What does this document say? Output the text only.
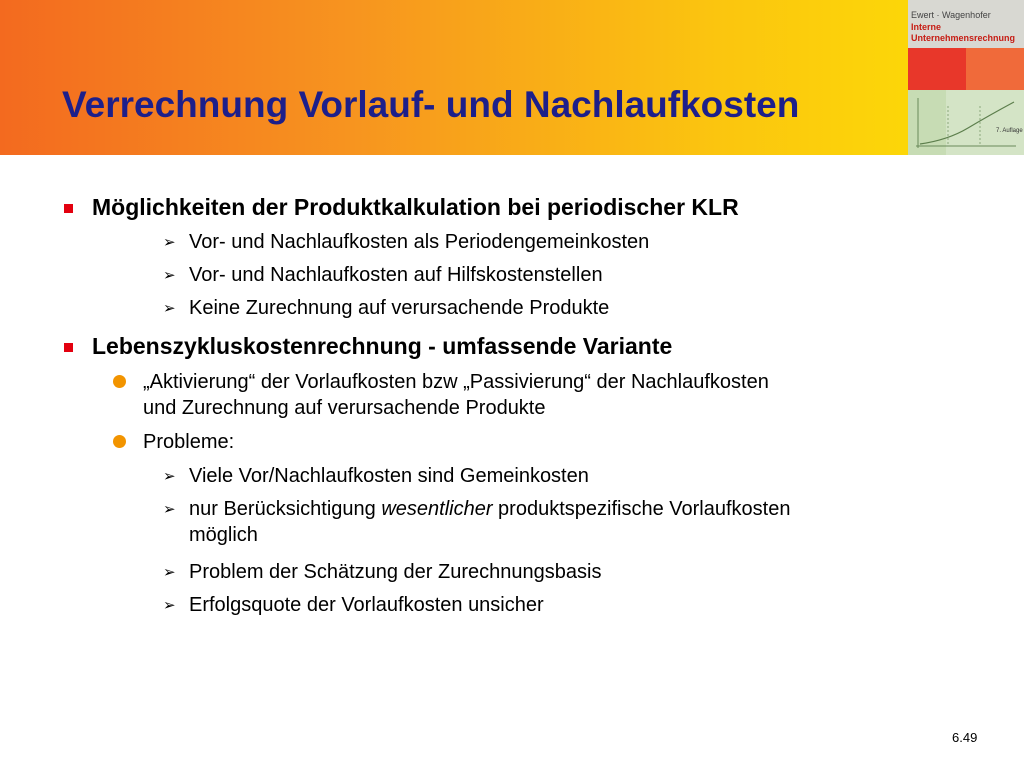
Verrechnung Vorlauf- und Nachlaufkosten
Ewert · Wagenhofer
Interne
Unternehmensrechnung
7. Auflage

Möglichkeiten der Produktkalkulation bei periodischer KLR

➢ Vor- und Nachlaufkosten als Periodengemeinkosten

➢ Vor- und Nachlaufkosten auf Hilfskostenstellen

➢ Keine Zurechnung auf verursachende Produkte

Lebenszykluskostenrechnung - umfassende Variante

„Aktivierung“ der Vorlaufkosten bzw „Passivierung“ der Nachlaufkosten

und Zurechnung auf verursachende Produkte

Probleme:

➢ Viele Vor/Nachlaufkosten sind Gemeinkosten

➢ nur Berücksichtigung wesentlicher produktspezifische Vorlaufkosten

möglich

➢ Problem der Schätzung der Zurechnungsbasis

➢ Erfolgsquote der Vorlaufkosten unsicher

6.49
